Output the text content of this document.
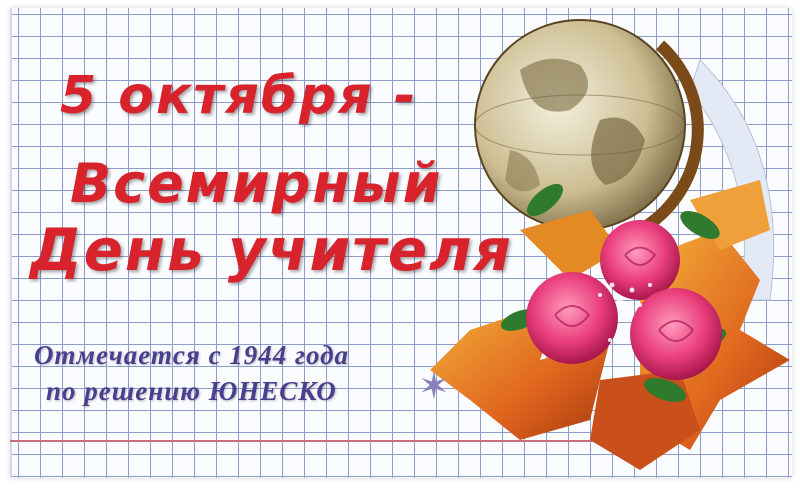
5 октября -
Всемирный
День учителя
Отмечается с 1944 года
по решению ЮНЕСКО ✶
